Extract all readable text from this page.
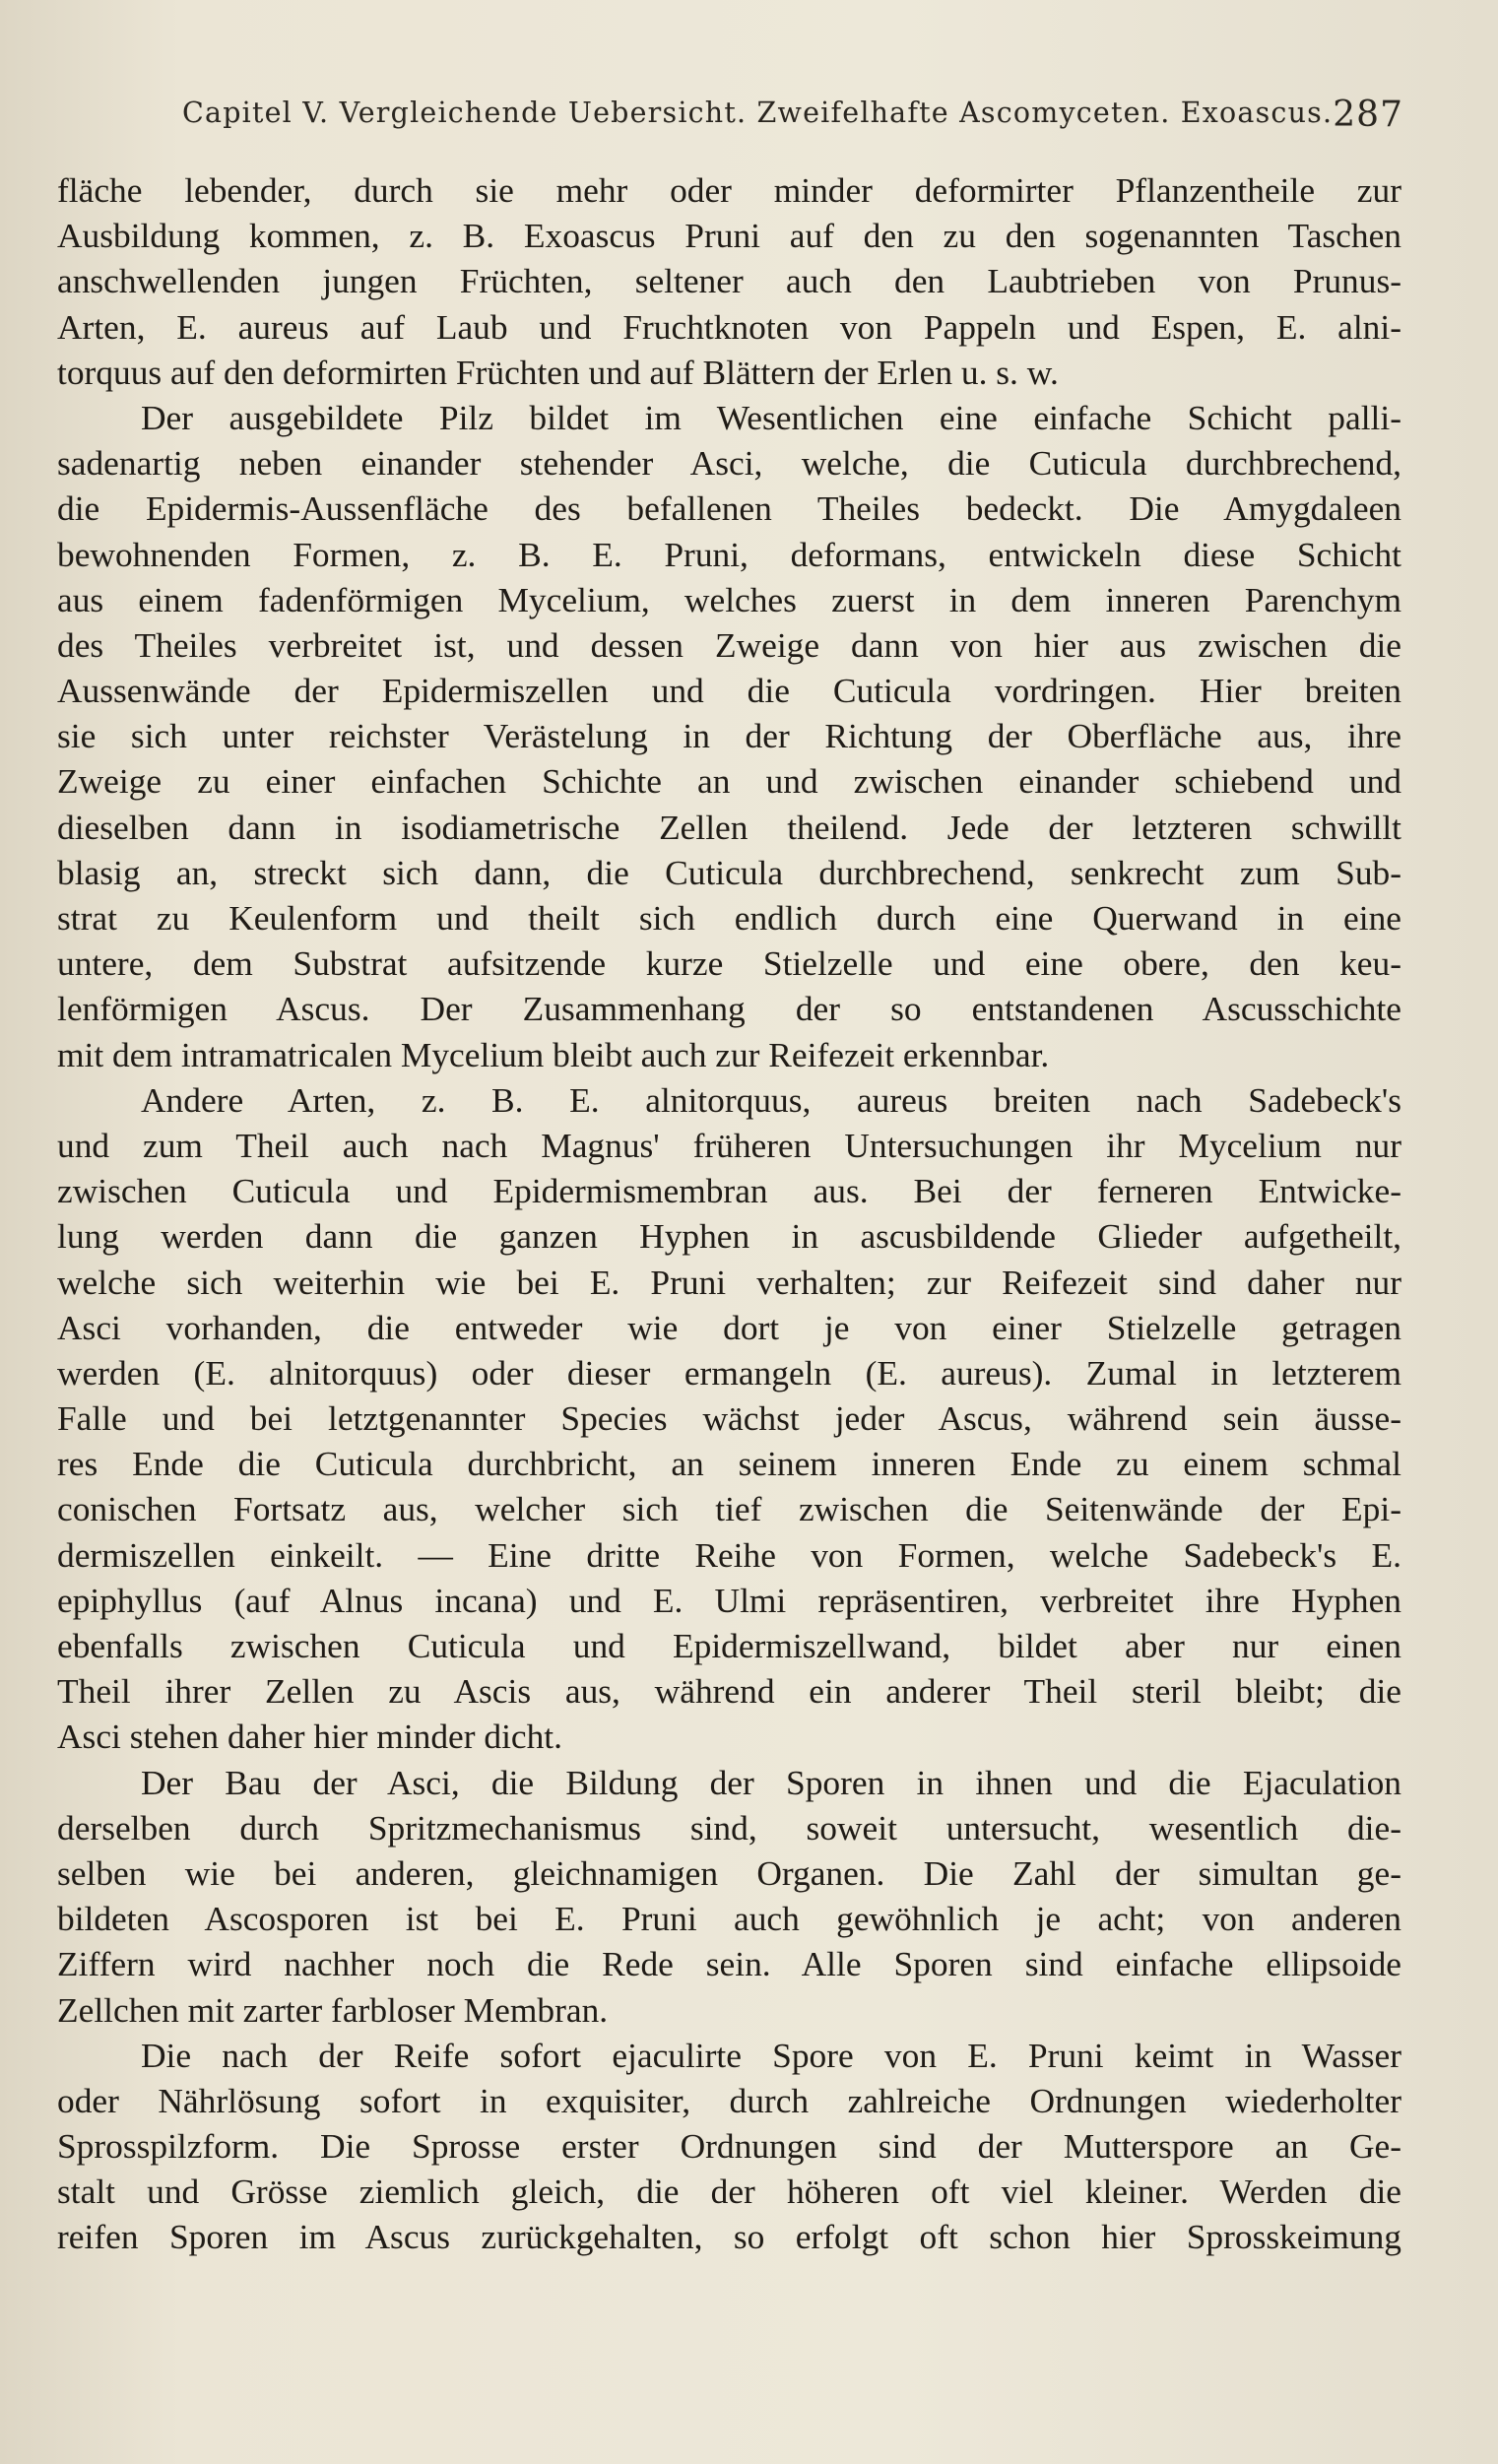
Capitel V. Vergleichende Uebersicht. Zweifelhafte Ascomyceten. Exoascus. 287
fläche lebender, durch sie mehr oder minder deformirter Pflanzentheile zur
Ausbildung kommen, z. B. Exoascus Pruni auf den zu den sogenannten Taschen
anschwellenden jungen Früchten, seltener auch den Laubtrieben von Prunus-
Arten, E. aureus auf Laub und Fruchtknoten von Pappeln und Espen, E. alni-
torquus auf den deformirten Früchten und auf Blättern der Erlen u. s. w.
Der ausgebildete Pilz bildet im Wesentlichen eine einfache Schicht palli-
sadenartig neben einander stehender Asci, welche, die Cuticula durchbrechend,
die Epidermis-Aussenfläche des befallenen Theiles bedeckt. Die Amygdaleen
bewohnenden Formen, z. B. E. Pruni, deformans, entwickeln diese Schicht
aus einem fadenförmigen Mycelium, welches zuerst in dem inneren Parenchym
des Theiles verbreitet ist, und dessen Zweige dann von hier aus zwischen die
Aussenwände der Epidermiszellen und die Cuticula vordringen. Hier breiten
sie sich unter reichster Verästelung in der Richtung der Oberfläche aus, ihre
Zweige zu einer einfachen Schichte an und zwischen einander schiebend und
dieselben dann in isodiametrische Zellen theilend. Jede der letzteren schwillt
blasig an, streckt sich dann, die Cuticula durchbrechend, senkrecht zum Sub-
strat zu Keulenform und theilt sich endlich durch eine Querwand in eine
untere, dem Substrat aufsitzende kurze Stielzelle und eine obere, den keu-
lenförmigen Ascus. Der Zusammenhang der so entstandenen Ascusschichte
mit dem intramatricalen Mycelium bleibt auch zur Reifezeit erkennbar.
Andere Arten, z. B. E. alnitorquus, aureus breiten nach Sadebeck's
und zum Theil auch nach Magnus' früheren Untersuchungen ihr Mycelium nur
zwischen Cuticula und Epidermismembran aus. Bei der ferneren Entwicke-
lung werden dann die ganzen Hyphen in ascusbildende Glieder aufgetheilt,
welche sich weiterhin wie bei E. Pruni verhalten; zur Reifezeit sind daher nur
Asci vorhanden, die entweder wie dort je von einer Stielzelle getragen
werden (E. alnitorquus) oder dieser ermangeln (E. aureus). Zumal in letzterem
Falle und bei letztgenannter Species wächst jeder Ascus, während sein äusse-
res Ende die Cuticula durchbricht, an seinem inneren Ende zu einem schmal
conischen Fortsatz aus, welcher sich tief zwischen die Seitenwände der Epi-
dermiszellen einkeilt. — Eine dritte Reihe von Formen, welche Sadebeck's E.
epiphyllus (auf Alnus incana) und E. Ulmi repräsentiren, verbreitet ihre Hyphen
ebenfalls zwischen Cuticula und Epidermiszellwand, bildet aber nur einen
Theil ihrer Zellen zu Ascis aus, während ein anderer Theil steril bleibt; die
Asci stehen daher hier minder dicht.
Der Bau der Asci, die Bildung der Sporen in ihnen und die Ejaculation
derselben durch Spritzmechanismus sind, soweit untersucht, wesentlich die-
selben wie bei anderen, gleichnamigen Organen. Die Zahl der simultan ge-
bildeten Ascosporen ist bei E. Pruni auch gewöhnlich je acht; von anderen
Ziffern wird nachher noch die Rede sein. Alle Sporen sind einfache ellipsoide
Zellchen mit zarter farbloser Membran.
Die nach der Reife sofort ejaculirte Spore von E. Pruni keimt in Wasser
oder Nährlösung sofort in exquisiter, durch zahlreiche Ordnungen wiederholter
Sprosspilzform. Die Sprosse erster Ordnungen sind der Mutterspore an Ge-
stalt und Grösse ziemlich gleich, die der höheren oft viel kleiner. Werden die
reifen Sporen im Ascus zurückgehalten, so erfolgt oft schon hier Sprosskeimung
